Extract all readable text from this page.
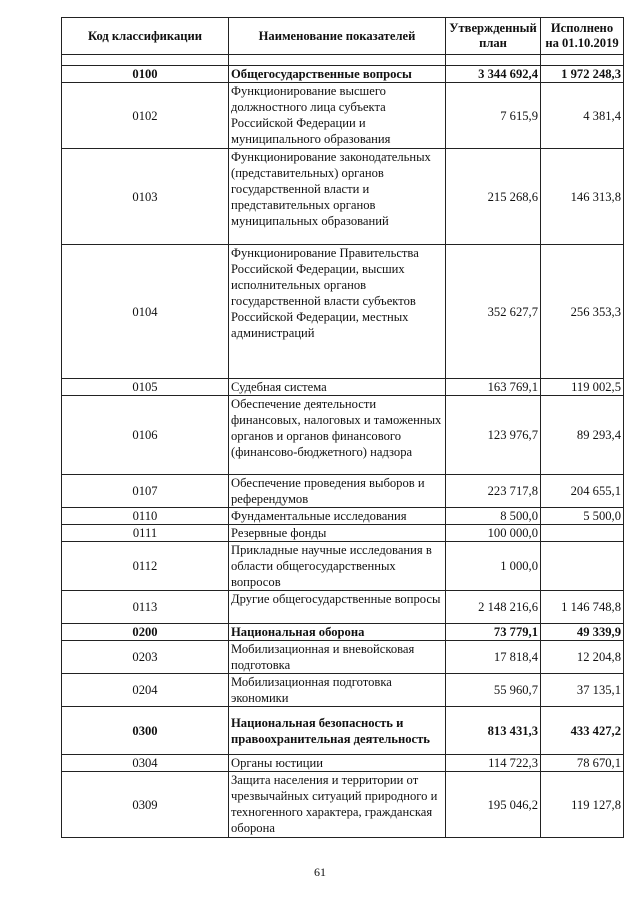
Код классификации	Наименование показателей	Утвержденный план	Исполнено на 01.10.2019

0100	Общегосударственные вопросы	3 344 692,4	1 972 248,3
0102	Функционирование высшего должностного лица субъекта Российской Федерации и муниципального образования	7 615,9	4 381,4
0103	Функционирование законодательных (представительных) органов государственной власти и представительных органов муниципальных образований	215 268,6	146 313,8
0104	Функционирование Правительства Российской Федерации, высших исполнительных органов государственной власти субъектов Российской Федерации, местных администраций	352 627,7	256 353,3
0105	Судебная система	163 769,1	119 002,5
0106	Обеспечение деятельности финансовых, налоговых и таможенных органов и органов финансового (финансово-бюджетного) надзора	123 976,7	89 293,4
0107	Обеспечение проведения выборов и референдумов	223 717,8	204 655,1
0110	Фундаментальные исследования	8 500,0	5 500,0
0111	Резервные фонды	100 000,0	
0112	Прикладные научные исследования в области общегосударственных вопросов	1 000,0	
0113	Другие общегосударственные вопросы	2 148 216,6	1 146 748,8
0200	Национальная оборона	73 779,1	49 339,9
0203	Мобилизационная и вневойсковая подготовка	17 818,4	12 204,8
0204	Мобилизационная подготовка экономики	55 960,7	37 135,1
0300	Национальная безопасность и правоохранительная деятельность	813 431,3	433 427,2
0304	Органы юстиции	114 722,3	78 670,1
0309	Защита населения и территории от чрезвычайных ситуаций природного и техногенного характера, гражданская оборона	195 046,2	119 127,8
61
